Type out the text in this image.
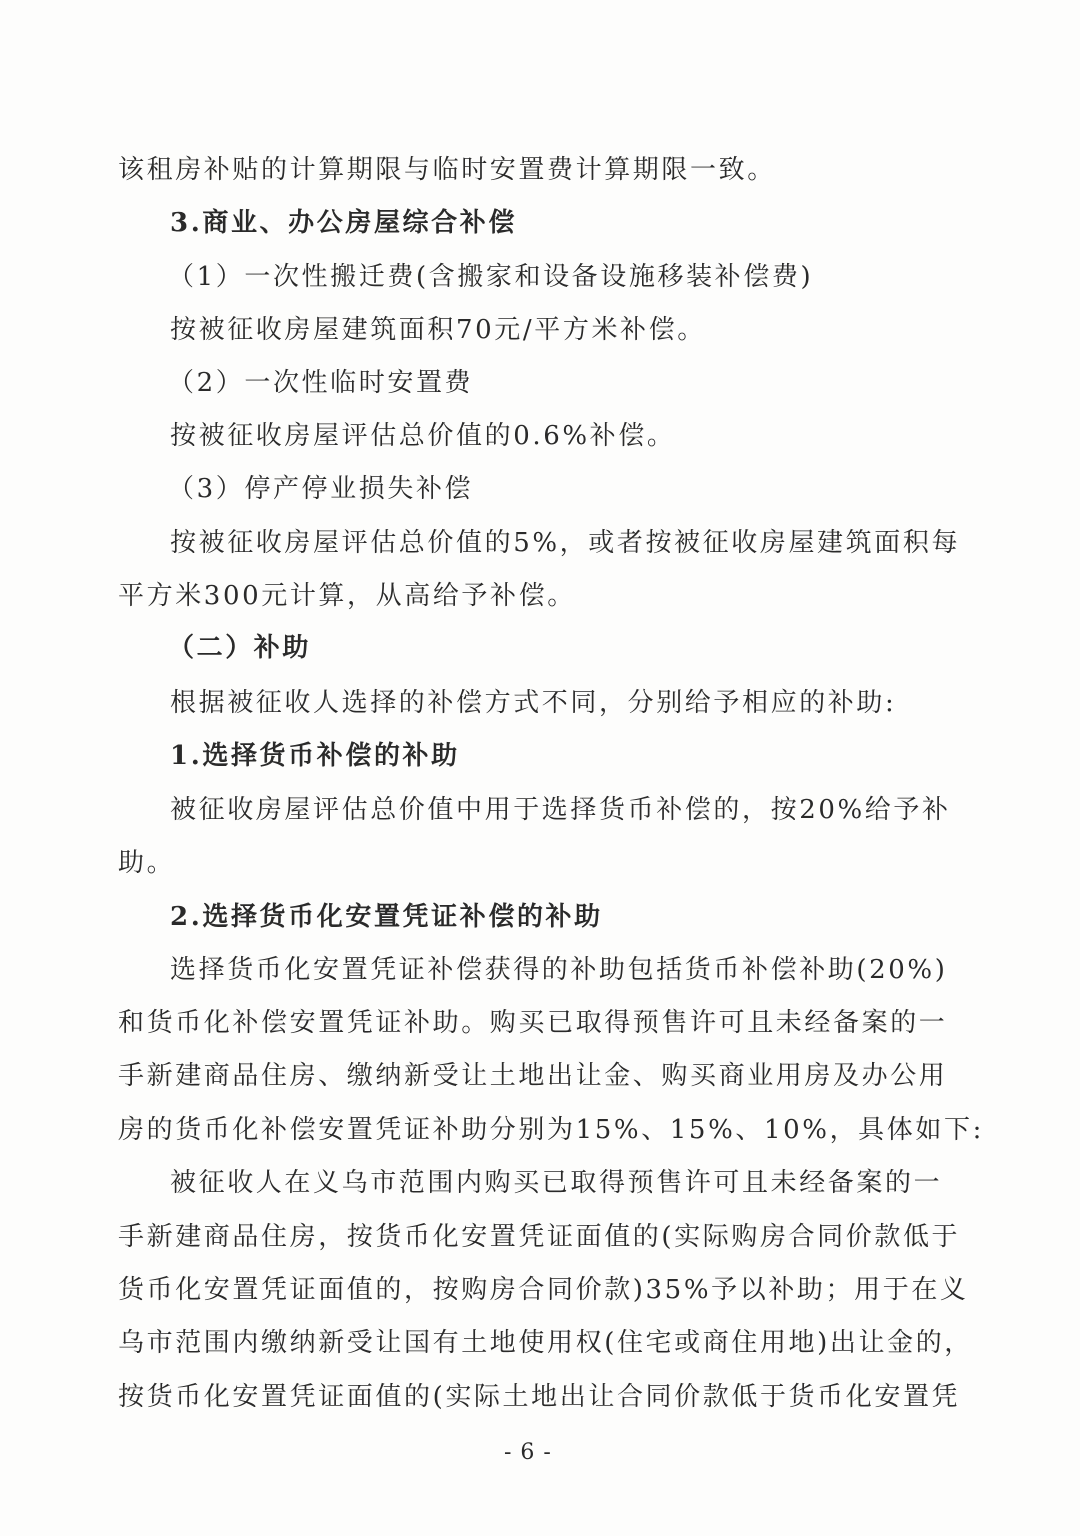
该租房补贴的计算期限与临时安置费计算期限一致。
3.商业、办公房屋综合补偿
（1）一次性搬迁费(含搬家和设备设施移装补偿费)
按被征收房屋建筑面积70元/平方米补偿。
（2）一次性临时安置费
按被征收房屋评估总价值的0.6%补偿。
（3）停产停业损失补偿
按被征收房屋评估总价值的5%，或者按被征收房屋建筑面积每
平方米300元计算，从高给予补偿。
（二）补助
根据被征收人选择的补偿方式不同，分别给予相应的补助:
1.选择货币补偿的补助
被征收房屋评估总价值中用于选择货币补偿的，按20%给予补
助。
2.选择货币化安置凭证补偿的补助
选择货币化安置凭证补偿获得的补助包括货币补偿补助(20%)
和货币化补偿安置凭证补助。购买已取得预售许可且未经备案的一
手新建商品住房、缴纳新受让土地出让金、购买商业用房及办公用
房的货币化补偿安置凭证补助分别为15%、15%、10%，具体如下:
被征收人在义乌市范围内购买已取得预售许可且未经备案的一
手新建商品住房，按货币化安置凭证面值的(实际购房合同价款低于
货币化安置凭证面值的，按购房合同价款)35%予以补助；用于在义
乌市范围内缴纳新受让国有土地使用权(住宅或商住用地)出让金的，
按货币化安置凭证面值的(实际土地出让合同价款低于货币化安置凭
- 6 -
